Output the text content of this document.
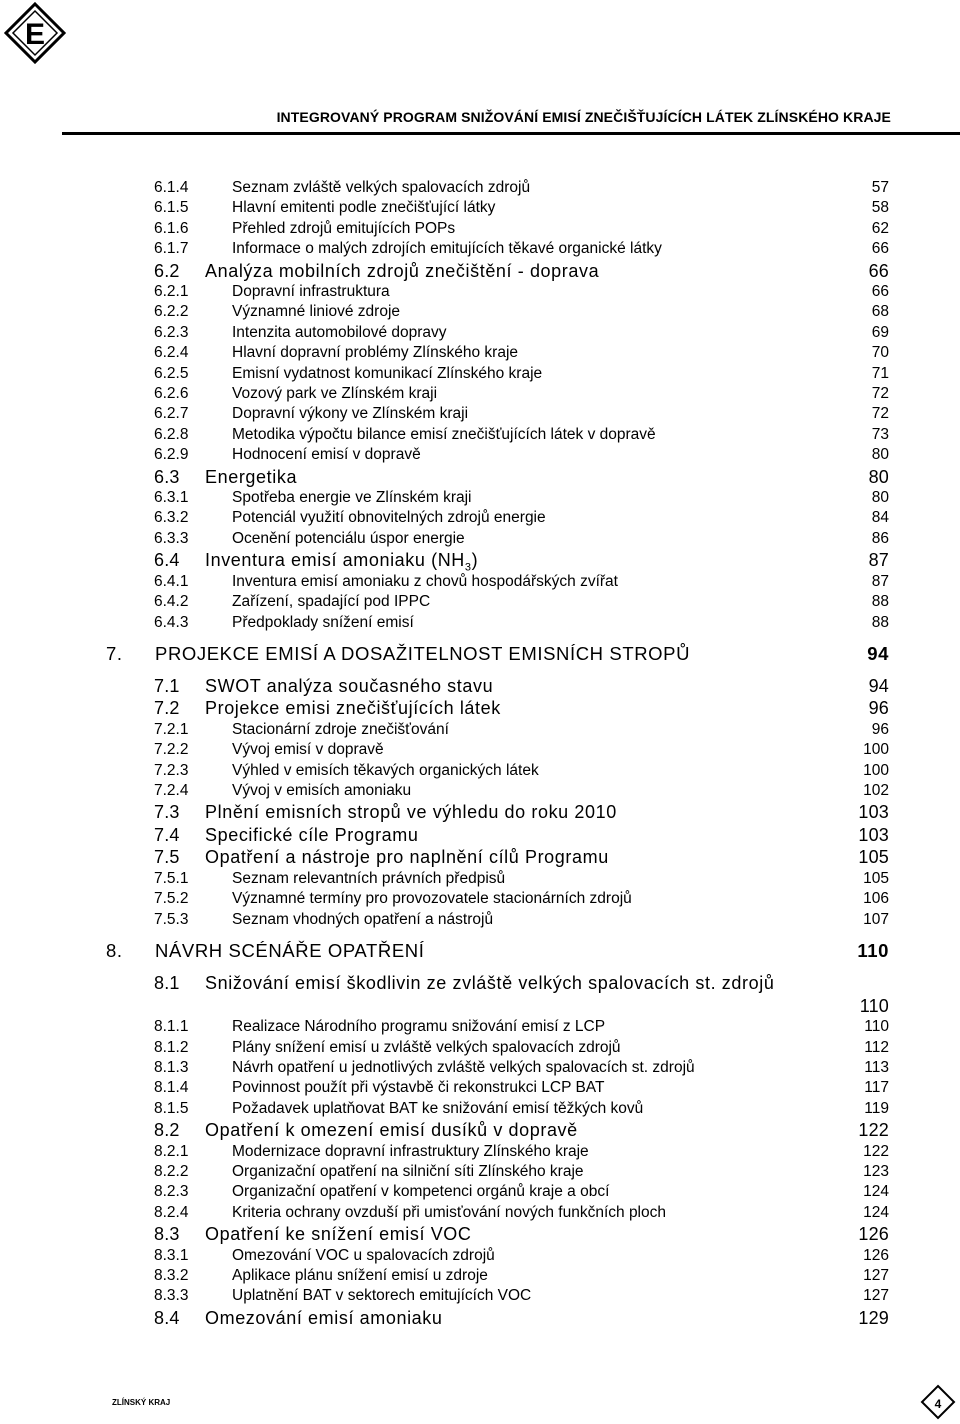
E
INTEGROVANÝ PROGRAM SNIŽOVÁNÍ EMISÍ ZNEČIŠŤUJÍCÍCH LÁTEK ZLÍNSKÉHO KRAJE
6.1.4	Seznam zvláště velkých spalovacích zdrojů	57
6.1.5	Hlavní emitenti podle znečišťující látky	58
6.1.6	Přehled zdrojů emitujících POPs	62
6.1.7	Informace o malých zdrojích emitujících těkavé organické látky	66
6.2 Analýza mobilních zdrojů znečištění - doprava	66
6.2.1	Dopravní infrastruktura	66
6.2.2	Významné liniové zdroje	68
6.2.3	Intenzita automobilové dopravy	69
6.2.4	Hlavní dopravní problémy Zlínského kraje	70
6.2.5	Emisní vydatnost komunikací Zlínského kraje	71
6.2.6	Vozový park ve Zlínském kraji	72
6.2.7	Dopravní výkony ve Zlínském kraji	72
6.2.8	Metodika výpočtu bilance emisí znečišťujících látek v dopravě	73
6.2.9	Hodnocení emisí v dopravě	80
6.3 Energetika	80
6.3.1	Spotřeba energie ve Zlínském kraji	80
6.3.2	Potenciál využití obnovitelných zdrojů energie	84
6.3.3	Ocenění potenciálu úspor energie	86
6.4 Inventura emisí amoniaku $(NH_3)$	87
6.4.1	Inventura emisí amoniaku z chovů hospodářských zvířat	87
6.4.2	Zařízení, spadající pod IPPC	88
6.4.3	Předpoklady snížení emisí	88
7. PROJEKCE EMISÍ A DOSAŽITELNOST EMISNÍCH STROPŮ	94
7.1 SWOT analýza současného stavu	94
7.2 Projekce emisi znečišťujících látek	96
7.2.1	Stacionární zdroje znečišťování	96
7.2.2	Vývoj emisí v dopravě	100
7.2.3	Výhled v emisích těkavých organických látek	100
7.2.4	Vývoj v emisích amoniaku	102
7.3 Plnění emisních stropů ve výhledu do roku 2010	103
7.4 Specifické cíle Programu	103
7.5 Opatření a nástroje pro naplnění cílů Programu	105
7.5.1	Seznam relevantních právních předpisů	105
7.5.2	Významné termíny pro provozovatele stacionárních zdrojů	106
7.5.3	Seznam vhodných opatření a nástrojů	107
8. NÁVRH SCÉNÁŘE OPATŘENÍ	110
8.1 Snižování emisí škodlivin ze zvláště velkých spalovacích st. zdrojů
110
8.1.1	Realizace Národního programu snižování emisí z LCP	110
8.1.2	Plány snížení emisí u zvláště velkých spalovacích zdrojů	112
8.1.3	Návrh opatření u jednotlivých zvláště velkých spalovacích st. zdrojů	113
8.1.4	Povinnost použít při výstavbě či rekonstrukci LCP BAT	117
8.1.5	Požadavek uplatňovat BAT ke snižování emisí těžkých kovů	119
8.2 Opatření k omezení emisí dusíků v dopravě	122
8.2.1	Modernizace dopravní infrastruktury Zlínského kraje	122
8.2.2	Organizační opatření na silniční síti Zlínského kraje	123
8.2.3	Organizační opatření v kompetenci orgánů kraje a obcí	124
8.2.4	Kriteria ochrany ovzduší při umisťování nových funkčních ploch	124
8.3 Opatření ke snížení emisí VOC	126
8.3.1	Omezování VOC u spalovacích zdrojů	126
8.3.2	Aplikace plánu snížení emisí u zdroje	127
8.3.3	Uplatnění BAT v sektorech emitujících VOC	127
8.4 Omezování emisí amoniaku	129
ZLÍNSKÝ KRAJ	4
